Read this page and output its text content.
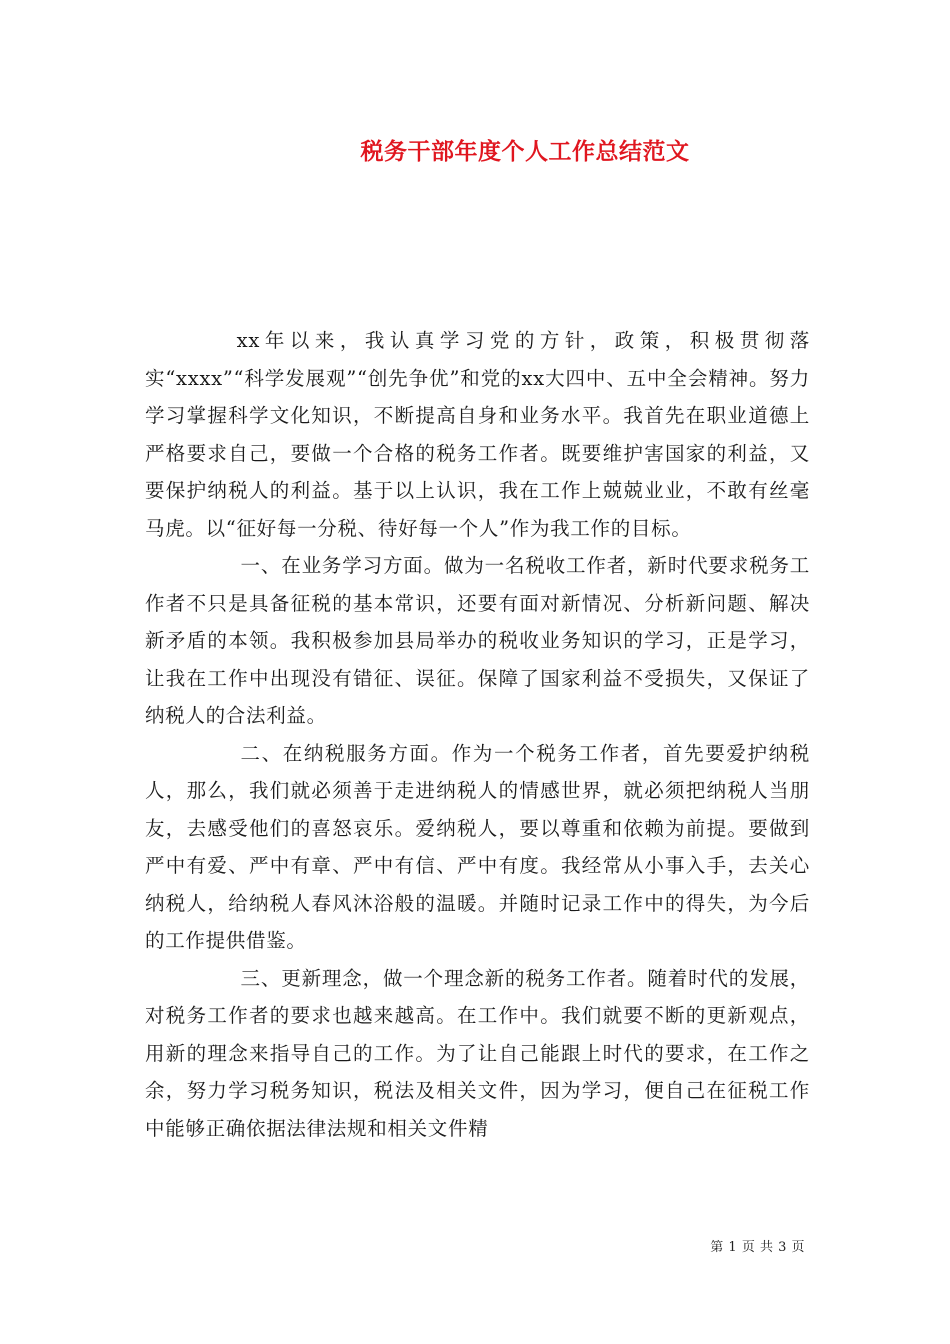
税务干部年度个人工作总结范文

xx年以来，我认真学习党的方针，政策，积极贯彻落实“xxxx”“科学发展观”“创先争优”和党的xx大四中、五中全会精神。努力学习掌握科学文化知识，不断提高自身和业务水平。我首先在职业道德上严格要求自己，要做一个合格的税务工作者。既要维护害国家的利益，又要保护纳税人的利益。基于以上认识，我在工作上兢兢业业，不敢有丝毫马虎。以“征好每一分税、待好每一个人”作为我工作的目标。

一、在业务学习方面。做为一名税收工作者，新时代要求税务工作者不只是具备征税的基本常识，还要有面对新情况、分析新问题、解决新矛盾的本领。我积极参加县局举办的税收业务知识的学习，正是学习，让我在工作中出现没有错征、误征。保障了国家利益不受损失，又保证了纳税人的合法利益。

二、在纳税服务方面。作为一个税务工作者，首先要爱护纳税人，那么，我们就必须善于走进纳税人的情感世界，就必须把纳税人当朋友，去感受他们的喜怒哀乐。爱纳税人，要以尊重和依赖为前提。要做到严中有爱、严中有章、严中有信、严中有度。我经常从小事入手，去关心纳税人，给纳税人春风沐浴般的温暖。并随时记录工作中的得失，为今后的工作提供借鉴。

三、更新理念，做一个理念新的税务工作者。随着时代的发展，对税务工作者的要求也越来越高。在工作中。我们就要不断的更新观点，用新的理念来指导自己的工作。为了让自己能跟上时代的要求，在工作之余，努力学习税务知识，税法及相关文件，因为学习，便自己在征税工作中能够正确依据法律法规和相关文件精

第 1 页 共 3 页
